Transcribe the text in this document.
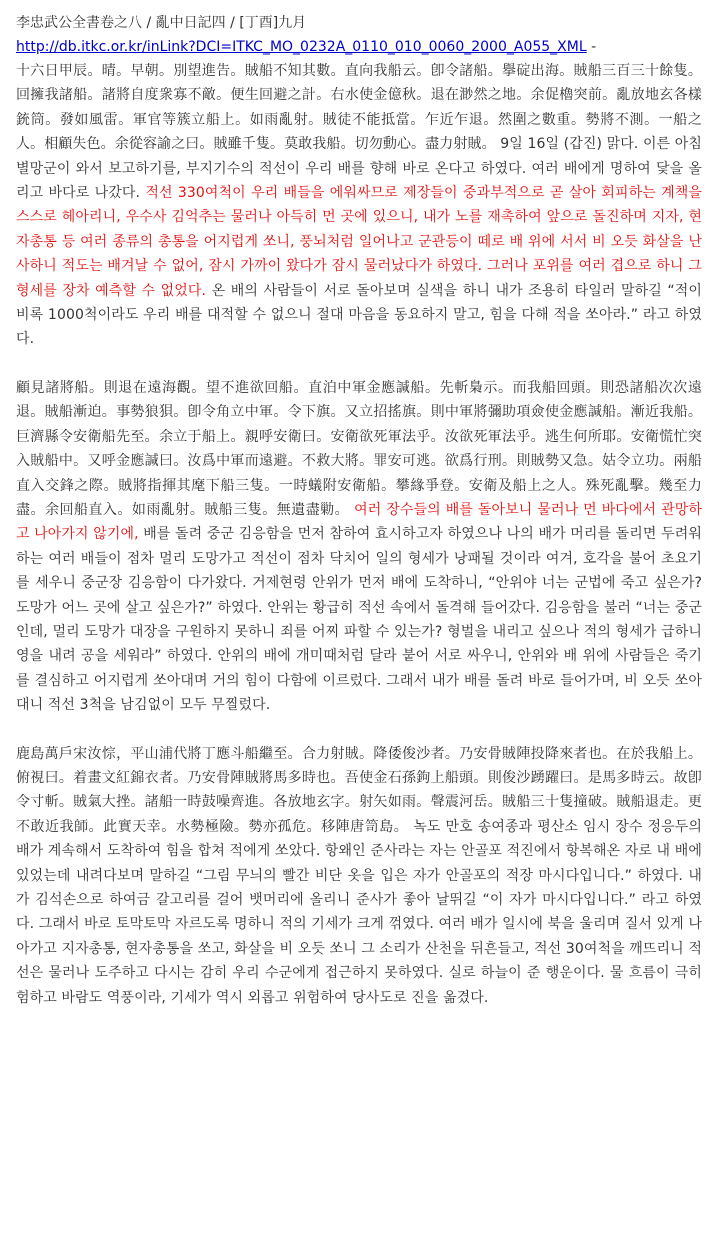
李忠武公全書卷之八 / 亂中日記四 / [丁酉]九月
http://db.itkc.or.kr/inLink?DCI=ITKC_MO_0232A_0110_010_0060_2000_A055_XML -

十六日甲辰。晴。早朝。別望進告。賊船不知其數。直向我船云。卽令諸船。擧碇出海。賊船三百三十餘隻。回擁我諸船。諸將自度衆寡不敵。便生回避之計。右水使金億秋。退在渺然之地。余促櫓突前。亂放地玄各樣銃筒。發如風雷。軍官等簇立船上。如雨亂射。賊徒不能抵當。乍近乍退。然圍之數重。勢將不測。一船之人。相顧失色。余從容諭之曰。賊雖千隻。莫敢我船。切勿動心。盡力射賊。 9일 16일 (갑진) 맑다. 이른 아침 별망군이 와서 보고하기를, 부지기수의 적선이 우리 배를 향해 바로 온다고 하였다. 여러 배에게 명하여 닻을 올리고 바다로 나갔다. 적선 330여척이 우리 배들을 에워싸므로 제장들이 중과부적으로 곧 살아 회피하는 계책을 스스로 헤아리니, 우수사 김억추는 물러나 아득히 먼 곳에 있으니, 내가 노를 재촉하여 앞으로 돌진하며 지자, 현자총통 등 여러 종류의 총통을 어지럽게 쏘니, 풍뇌처럼 일어나고 군관등이 떼로 배 위에 서서 비 오듯 화살을 난사하니 적도는 배겨날 수 없어, 잠시 가까이 왔다가 잠시 물러났다가 하였다. 그러나 포위를 여러 겹으로 하니 그 형세를 장차 예측할 수 없었다. 온 배의 사람들이 서로 돌아보며 실색을 하니 내가 조용히 타일러 말하길 “적이 비록 1000척이라도 우리 배를 대적할 수 없으니 절대 마음을 동요하지 말고, 힘을 다해 적을 쏘아라.” 라고 하였다.

顧見諸將船。則退在遠海觀。望不進欲回船。直泊中軍金應諴船。先斬梟示。而我船回頭。則恐諸船次次遠退。賊船漸迫。事勢狼狽。卽令角立中軍。令下旗。又立招搖旗。則中軍將彌助項僉使金應諴船。漸近我船。巨濟縣令安衛船先至。余立于船上。親呼安衛曰。安衛欲死軍法乎。汝欲死軍法乎。逃生何所耶。安衛慌忙突入賊船中。又呼金應諴曰。汝爲中軍而遠避。不救大將。罪安可逃。欲爲行刑。則賊勢又急。姑令立功。兩船直入交鋒之際。賊將指揮其麾下船三隻。一時蟻附安衛船。攀緣爭登。安衛及船上之人。殊死亂擊。幾至力盡。余回船直入。如雨亂射。賊船三隻。無遺盡勦。 여러 장수들의 배를 돌아보니 물러나 먼 바다에서 관망하고 나아가지 않기에, 배를 돌려 중군 김응함을 먼저 참하여 효시하고자 하였으나 나의 배가 머리를 돌리면 두려워하는 여러 배들이 점차 멀리 도망가고 적선이 점차 닥치어 일의 형세가 낭패될 것이라 여겨, 호각을 불어 초요기를 세우니 중군장 김응함이 다가왔다. 거제현령 안위가 먼저 배에 도착하니, “안위야 너는 군법에 죽고 싶은가? 도망가 어느 곳에 살고 싶은가?” 하였다. 안위는 황급히 적선 속에서 돌격해 들어갔다. 김응함을 불러 “너는 중군인데, 멀리 도망가 대장을 구원하지 못하니 죄를 어찌 파할 수 있는가? 형벌을 내리고 싶으나 적의 형세가 급하니 영을 내려 공을 세워라” 하였다. 안위의 배에 개미때처럼 달라 붙어 서로 싸우니, 안위와 배 위에 사람들은 죽기를 결심하고 어지럽게 쏘아대며 거의 힘이 다함에 이르렀다. 그래서 내가 배를 돌려 바로 들어가며, 비 오듯 쏘아대니 적선 3척을 남김없이 모두 무찔렀다.

鹿島萬戶宋汝悰，平山浦代將丁應斗船繼至。合力射賊。降倭俊沙者。乃安骨賊陣投降來者也。在於我船上。俯視曰。着畫文紅錦衣者。乃安骨陣賊將馬多時也。吾使金石孫鉤上船頭。則俊沙踴躍曰。是馬多時云。故卽令寸斬。賊氣大挫。諸船一時鼓噪齊進。各放地玄字。射矢如雨。聲震河岳。賊船三十隻撞破。賊船退走。更不敢近我師。此實天幸。水勢極險。勢亦孤危。移陣唐笥島。 녹도 만호 송여종과 평산소 임시 장수 정응두의 배가 계속해서 도착하여 힘을 합쳐 적에게 쏘았다. 항왜인 준사라는 자는 안골포 적진에서 항복해온 자로 내 배에 있었는데 내려다보며 말하길 “그림 무늬의 빨간 비단 옷을 입은 자가 안골포의 적장 마시다입니다.” 하였다. 내가 김석손으로 하여금 갈고리를 걸어 뱃머리에 올리니 준사가 좋아 날뛰길 “이 자가 마시다입니다.” 라고 하였다. 그래서 바로 토막토막 자르도록 명하니 적의 기세가 크게 꺾였다. 여러 배가 일시에 북을 울리며 질서 있게 나아가고 지자총통, 현자총통을 쏘고, 화살을 비 오듯 쏘니 그 소리가 산천을 뒤흔들고, 적선 30여척을 깨뜨리니 적선은 물러나 도주하고 다시는 감히 우리 수군에게 접근하지 못하였다. 실로 하늘이 준 행운이다. 물 흐름이 극히 험하고 바람도 역풍이라, 기세가 역시 외롭고 위험하여 당사도로 진을 옮겼다.
